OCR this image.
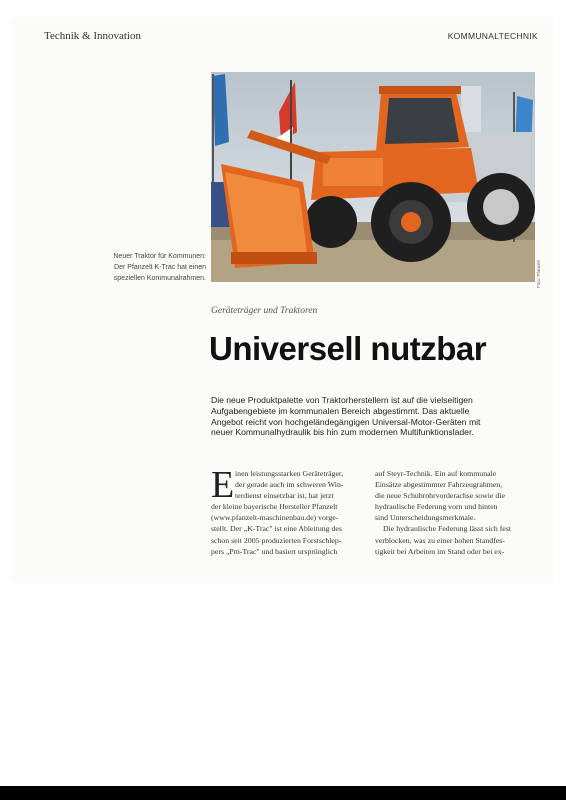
Technik & Innovation	KOMMUNALTECHNIK
Foto: Pfanzelt
Neuer Traktor für Kommunen:
Der Pfanzelt K-Trac hat einen
speziellen Kommunalrahmen.
Geräteträger und Traktoren
Universell nutzbar
Die neue Produktpalette von Traktorherstellern ist auf die vielseitigen
Aufgabengebiete im kommunalen Bereich abgestimmt. Das aktuelle
Angebot reicht von hochgeländegängigen Universal-Motor-Geräten mit
neuer Kommunalhydraulik bis hin zum modernen Multifunktionslader.
E inen leistungsstarken Geräteträger,
der gerade auch im schweren Win-
terdienst einsetzbar ist, hat jetzt
der kleine bayerische Hersteller Pfanzelt
(www.pfanzelt-maschinenbau.de) vorge-
stellt. Der „K-Trac" ist eine Ableitung des
schon seit 2005 produzierten Forstschlep-
pers „Pm-Trac" und basiert ursprünglich
auf Steyr-Technik. Ein auf kommunale
Einsätze abgestimmter Fahrzeugrahmen,
die neue Schubrohrvorderachse sowie die
hydraulische Federung vorn und hinten
sind Unterscheidungsmerkmale.
Die hydraulische Federung lässt sich fest
verblocken, was zu einer hohen Standfes-
tigkeit bei Arbeiten im Stand oder bei ex-
